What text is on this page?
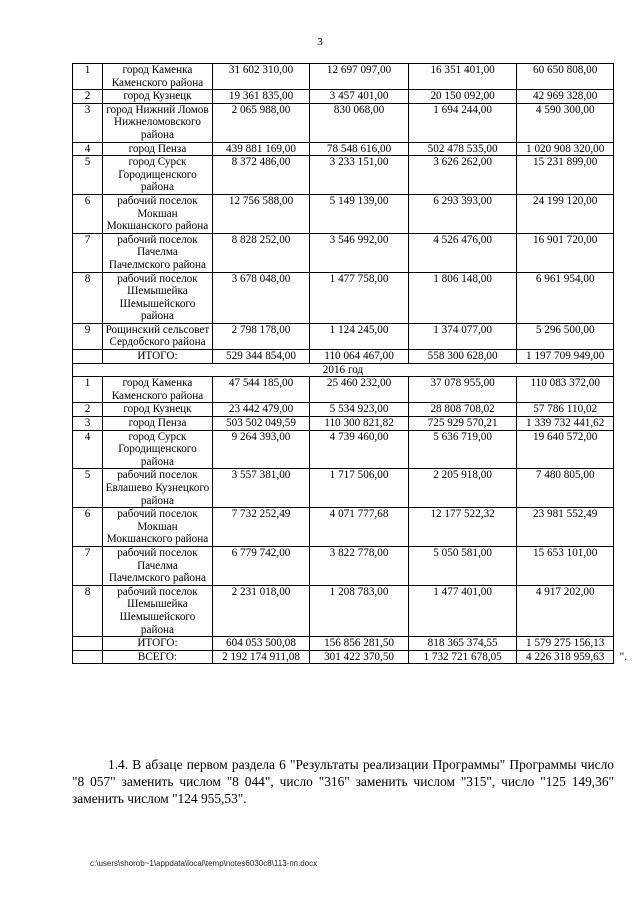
3
1	город Каменка Каменского района	31 602 310,00	12 697 097,00	16 351 401,00	60 650 808,00
2	город Кузнецк	19 361 835,00	3 457 401,00	20 150 092,00	42 969 328,00
3	город Нижний Ломов Нижнеломовского района	2 065 988,00	830 068,00	1 694 244,00	4 590 300,00
4	город Пенза	439 881 169,00	78 548 616,00	502 478 535,00	1 020 908 320,00
5	город Сурск Городищенского района	8 372 486,00	3 233 151,00	3 626 262,00	15 231 899,00
6	рабочий поселок Мокшан Мокшанского района	12 756 588,00	5 149 139,00	6 293 393,00	24 199 120,00
7	рабочий поселок Пачелма Пачелмского района	8 828 252,00	3 546 992,00	4 526 476,00	16 901 720,00
8	рабочий поселок Шемышейка Шемышейского района	3 678 048,00	1 477 758,00	1 806 148,00	6 961 954,00
9	Рощинский сельсовет Сердобского района	2 798 178,00	1 124 245,00	1 374 077,00	5 296 500,00
	ИТОГО:	529 344 854,00	110 064 467,00	558 300 628,00	1 197 709 949,00
2016 год					
1	город Каменка Каменского района	47 544 185,00	25 460 232,00	37 078 955,00	110 083 372,00
2	город Кузнецк	23 442 479,00	5 534 923,00	28 808 708,02	57 786 110,02
3	город Пенза	503 502 049,59	110 300 821,82	725 929 570,21	1 339 732 441,62
4	город Сурск Городищенского района	9 264 393,00	4 739 460,00	5 636 719,00	19 640 572,00
5	рабочий поселок Евлашево Кузнецкого района	3 557 381,00	1 717 506,00	2 205 918,00	7 480 805,00
6	рабочий поселок Мокшан Мокшанского района	7 732 252,49	4 071 777,68	12 177 522,32	23 981 552,49
7	рабочий поселок Пачелма Пачелмского района	6 779 742,00	3 822 778,00	5 050 581,00	15 653 101,00
8	рабочий поселок Шемышейка Шемышейского района	2 231 018,00	1 208 783,00	1 477 401,00	4 917 202,00
	ИТОГО:	604 053 500,08	156 856 281,50	818 365 374,55	1 579 275 156,13
	ВСЕГО:	2 192 174 911,08	301 422 370,50	1 732 721 678,05	4 226 318 959,63 ".
1.4. В абзаце первом раздела 6 "Результаты реализации Программы" Программы число "8 057" заменить числом "8 044", число "316" заменить числом "315", число "125 149,36" заменить числом "124 955,53".
c:\users\shorob~1\appdata\local\temp\notes6030c8\113-пп.docx
